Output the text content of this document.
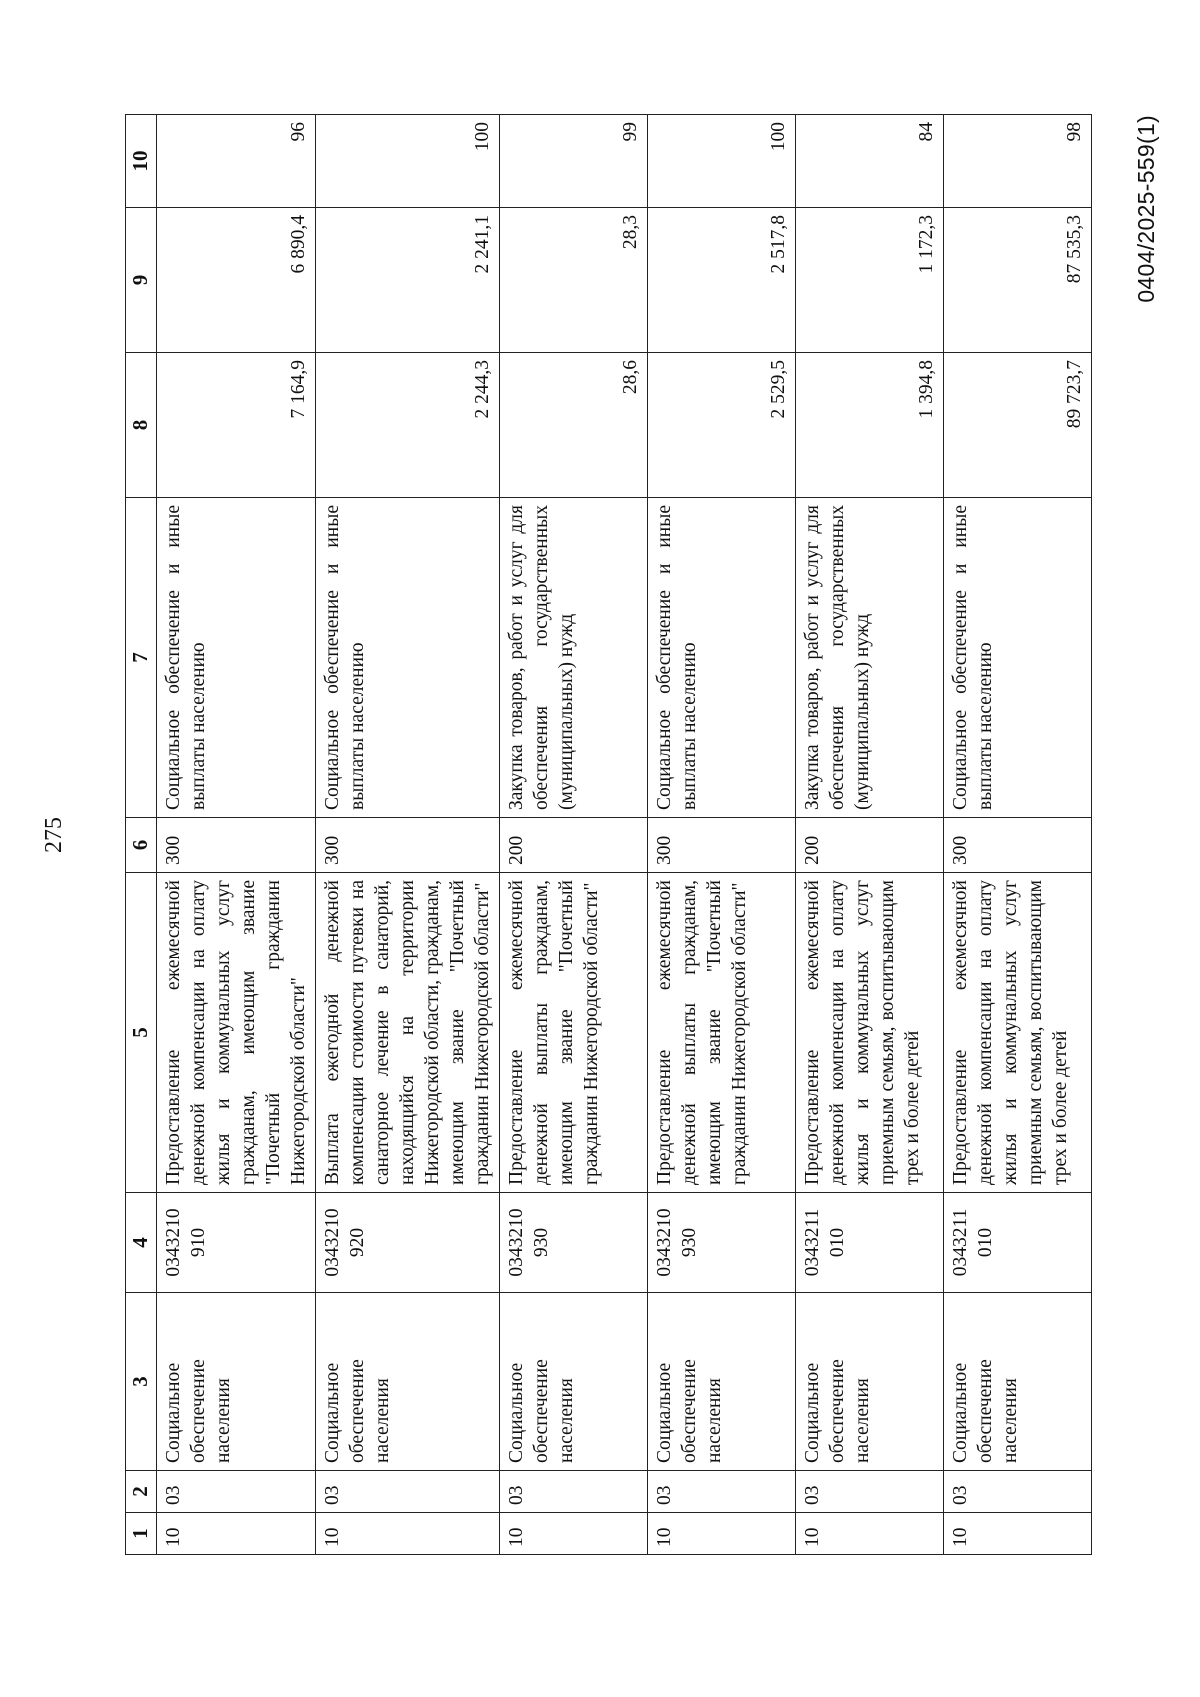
275
1	2	3	4	5	6	7	8	9	10
10	03	Социальное обеспечение населения	0343210 910	Предоставление ежемесячной денежной компенсации на оплату жилья и коммунальных услуг гражданам, имеющим звание "Почетный гражданин Нижегородской области"	300	Социальное обеспечение и иные выплаты населению	7 164,9	6 890,4	96
10	03	Социальное обеспечение населения	0343210 920	Выплата ежегодной денежной компенсации стоимости путевки на санаторное лечение в санаторий, находящийся на территории Нижегородской области, гражданам, имеющим звание "Почетный гражданин Нижегородской области"	300	Социальное обеспечение и иные выплаты населению	2 244,3	2 241,1	100
10	03	Социальное обеспечение населения	0343210 930	Предоставление ежемесячной денежной выплаты гражданам, имеющим звание "Почетный гражданин Нижегородской области"	200	Закупка товаров, работ и услуг для обеспечения государственных (муниципальных) нужд	28,6	28,3	99
10	03	Социальное обеспечение населения	0343210 930	Предоставление ежемесячной денежной выплаты гражданам, имеющим звание "Почетный гражданин Нижегородской области"	300	Социальное обеспечение и иные выплаты населению	2 529,5	2 517,8	100
10	03	Социальное обеспечение населения	0343211 010	Предоставление ежемесячной денежной компенсации на оплату жилья и коммунальных услуг приемным семьям, воспитывающим трех и более детей	200	Закупка товаров, работ и услуг для обеспечения государственных (муниципальных) нужд	1 394,8	1 172,3	84
10	03	Социальное обеспечение населения	0343211 010	Предоставление ежемесячной денежной компенсации на оплату жилья и коммунальных услуг приемным семьям, воспитывающим трех и более детей	300	Социальное обеспечение и иные выплаты населению	89 723,7	87 535,3	98 0404/2025-559(1)
